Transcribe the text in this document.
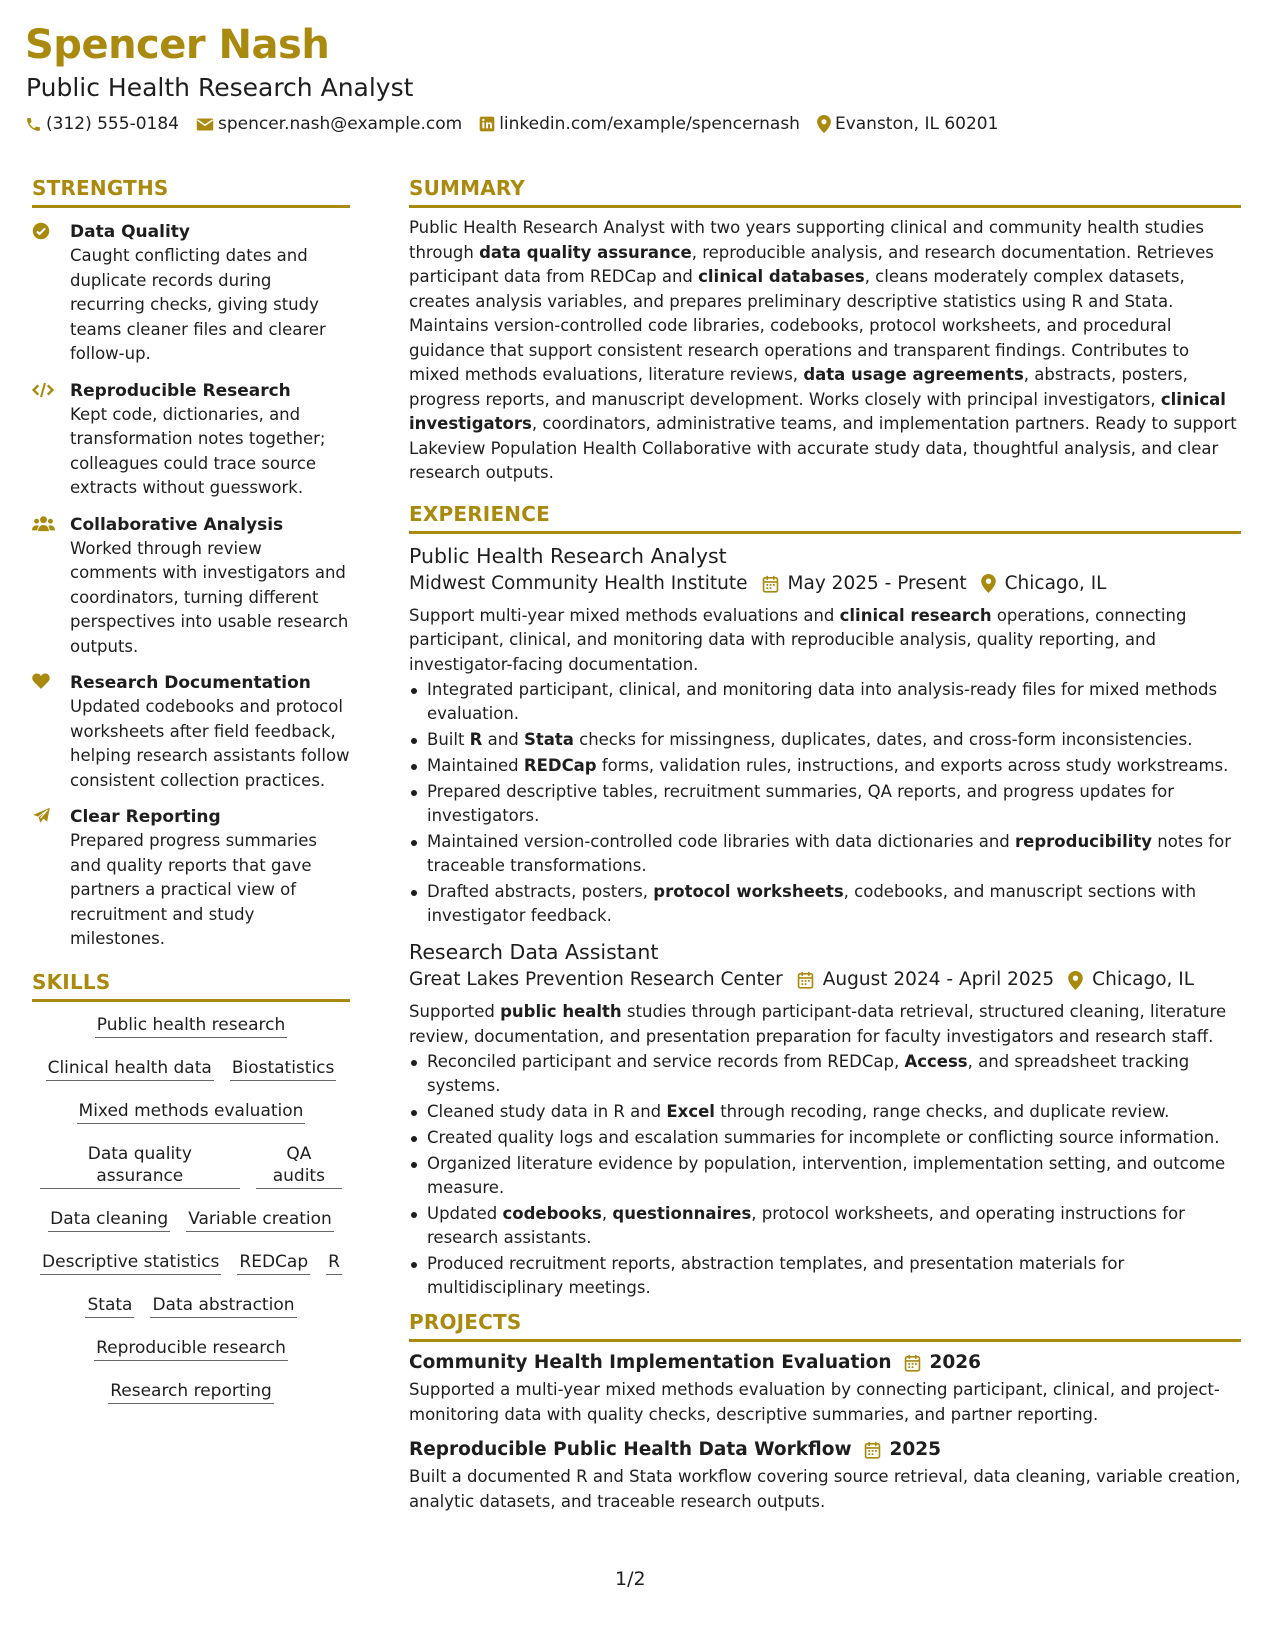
Spencer Nash
Public Health Research Analyst
(312) 555-0184 spencer.nash@example.com linkedin.com/example/spencernash Evanston, IL 60201
STRENGTHS
Data Quality
Caught conflicting dates and duplicate records during recurring checks, giving study teams cleaner files and clearer follow-up.
Reproducible Research
Kept code, dictionaries, and transformation notes together; colleagues could trace source extracts without guesswork.
Collaborative Analysis
Worked through review comments with investigators and coordinators, turning different perspectives into usable research outputs.
Research Documentation
Updated codebooks and protocol worksheets after field feedback, helping research assistants follow consistent collection practices.
Clear Reporting
Prepared progress summaries and quality reports that gave partners a practical view of recruitment and study milestones.
SKILLS
Public health research
Clinical health data Biostatistics
Mixed methods evaluation
Data quality assurance
QA audits
Data cleaning Variable creation
Descriptive statistics REDCap R
Stata Data abstraction
Reproducible research
Research reporting
SUMMARY
Public Health Research Analyst with two years supporting clinical and community health studies through data quality assurance, reproducible analysis, and research documentation. Retrieves participant data from REDCap and clinical databases, cleans moderately complex datasets, creates analysis variables, and prepares preliminary descriptive statistics using R and Stata. Maintains version-controlled code libraries, codebooks, protocol worksheets, and procedural guidance that support consistent research operations and transparent findings. Contributes to mixed methods evaluations, literature reviews, data usage agreements, abstracts, posters, progress reports, and manuscript development. Works closely with principal investigators, clinical investigators, coordinators, administrative teams, and implementation partners. Ready to support Lakeview Population Health Collaborative with accurate study data, thoughtful analysis, and clear research outputs.
EXPERIENCE
Public Health Research Analyst
Midwest Community Health Institute May 2025 - Present Chicago, IL
Support multi-year mixed methods evaluations and clinical research operations, connecting participant, clinical, and monitoring data with reproducible analysis, quality reporting, and investigator-facing documentation.
Integrated participant, clinical, and monitoring data into analysis-ready files for mixed methods evaluation.
Built R and Stata checks for missingness, duplicates, dates, and cross-form inconsistencies.
Maintained REDCap forms, validation rules, instructions, and exports across study workstreams.
Prepared descriptive tables, recruitment summaries, QA reports, and progress updates for investigators.
Maintained version-controlled code libraries with data dictionaries and reproducibility notes for traceable transformations.
Drafted abstracts, posters, protocol worksheets, codebooks, and manuscript sections with investigator feedback.
Research Data Assistant
Great Lakes Prevention Research Center August 2024 - April 2025 Chicago, IL
Supported public health studies through participant-data retrieval, structured cleaning, literature review, documentation, and presentation preparation for faculty investigators and research staff.
Reconciled participant and service records from REDCap, Access, and spreadsheet tracking systems.
Cleaned study data in R and Excel through recoding, range checks, and duplicate review.
Created quality logs and escalation summaries for incomplete or conflicting source information.
Organized literature evidence by population, intervention, implementation setting, and outcome measure.
Updated codebooks, questionnaires, protocol worksheets, and operating instructions for research assistants.
Produced recruitment reports, abstraction templates, and presentation materials for multidisciplinary meetings.
PROJECTS
Community Health Implementation Evaluation 2026
Supported a multi-year mixed methods evaluation by connecting participant, clinical, and project-monitoring data with quality checks, descriptive summaries, and partner reporting.
Reproducible Public Health Data Workflow 2025
Built a documented R and Stata workflow covering source retrieval, data cleaning, variable creation, analytic datasets, and traceable research outputs.
1/2
